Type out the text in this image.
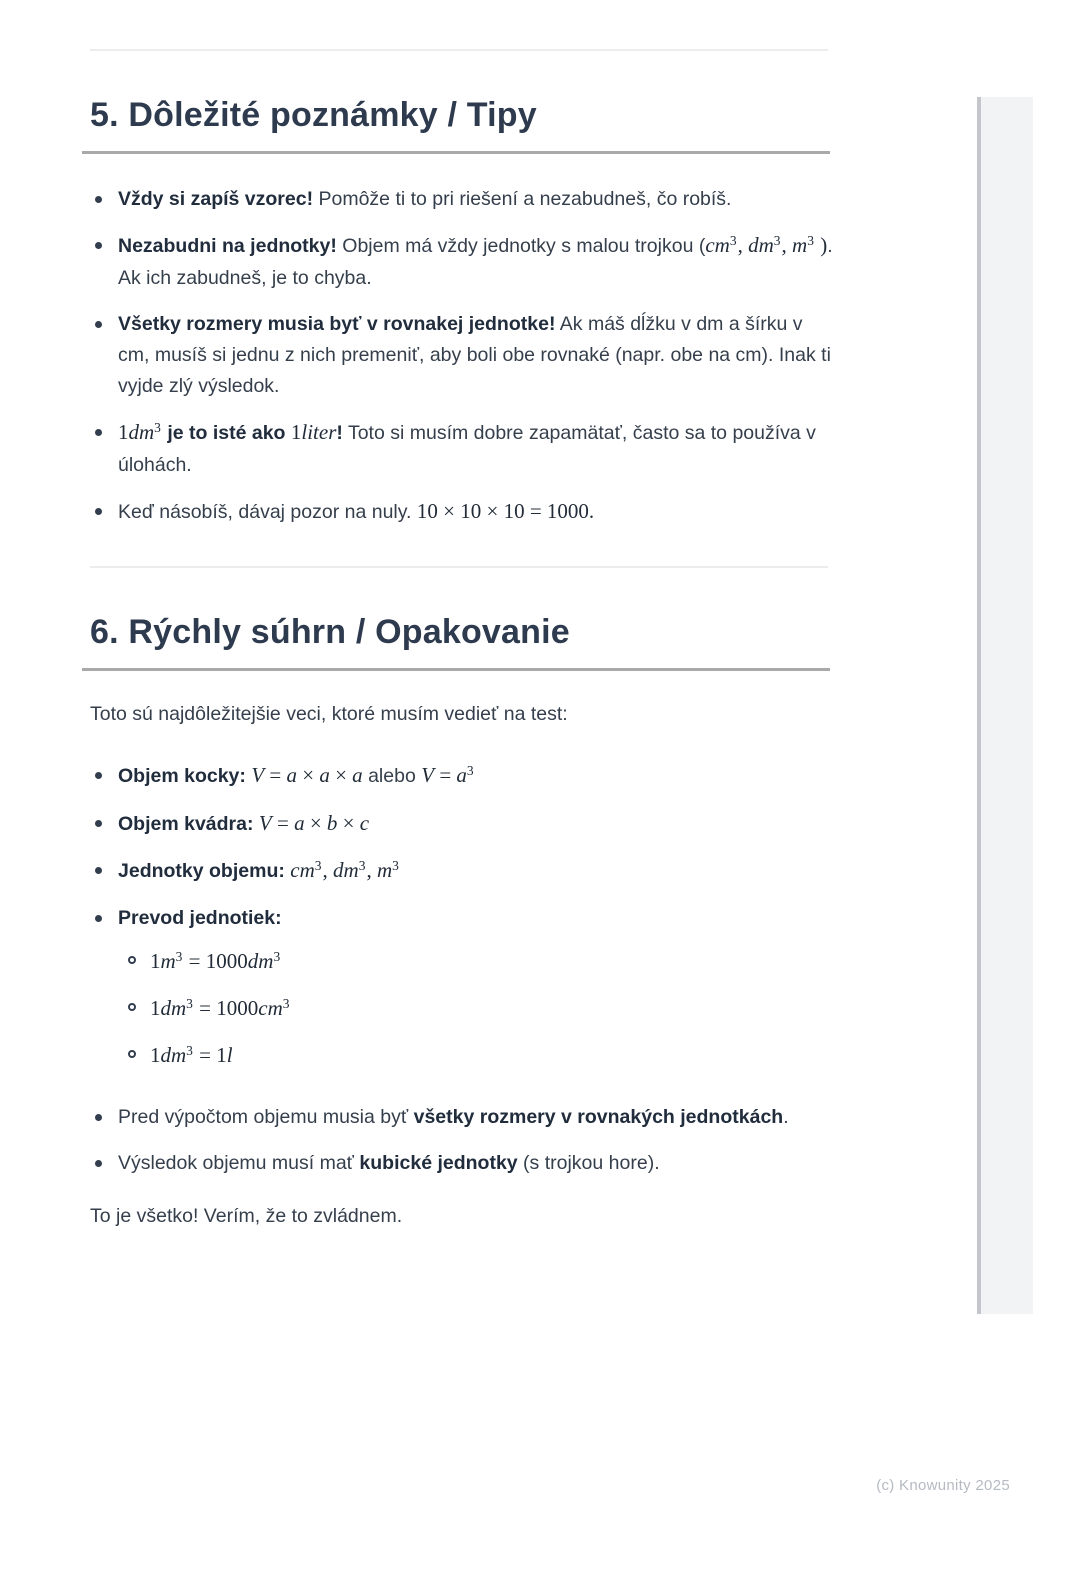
5. Dôležité poznámky / Tipy
Vždy si zapíš vzorec! Pomôže ti to pri riešení a nezabudneš, čo robíš.
Nezabudni na jednotky! Objem má vždy jednotky s malou trojkou ($cm^3$, $dm^3$, $m^3$ ). Ak ich zabudneš, je to chyba.
Všetky rozmery musia byť v rovnakej jednotke! Ak máš dĺžku v dm a šírku v cm, musíš si jednu z nich premeniť, aby boli obe rovnaké (napr. obe na cm). Inak ti vyjde zlý výsledok.
$1dm^3$ je to isté ako 1liter! Toto si musím dobre zapamätať, často sa to používa v úlohách.
Keď násobíš, dávaj pozor na nuly. 10 × 10 × 10 = 1000.
6. Rýchly súhrn / Opakovanie

Toto sú najdôležitejšie veci, ktoré musím vedieť na test:

Objem kocky: V = a × a × a alebo $V = a^3$
Objem kvádra: V = a × b × c
Jednotky objemu: $cm^3$, $dm^3$, $m^3$
Prevod jednotiek:
$1m^3 = 1000dm^3$
$1dm^3 = 1000cm^3$
$1dm^3 = 1l$
Pred výpočtom objemu musia byť všetky rozmery v rovnakých jednotkách.
Výsledok objemu musí mať kubické jednotky (s trojkou hore).

To je všetko! Verím, že to zvládnem.

(c) Knowunity 2025
